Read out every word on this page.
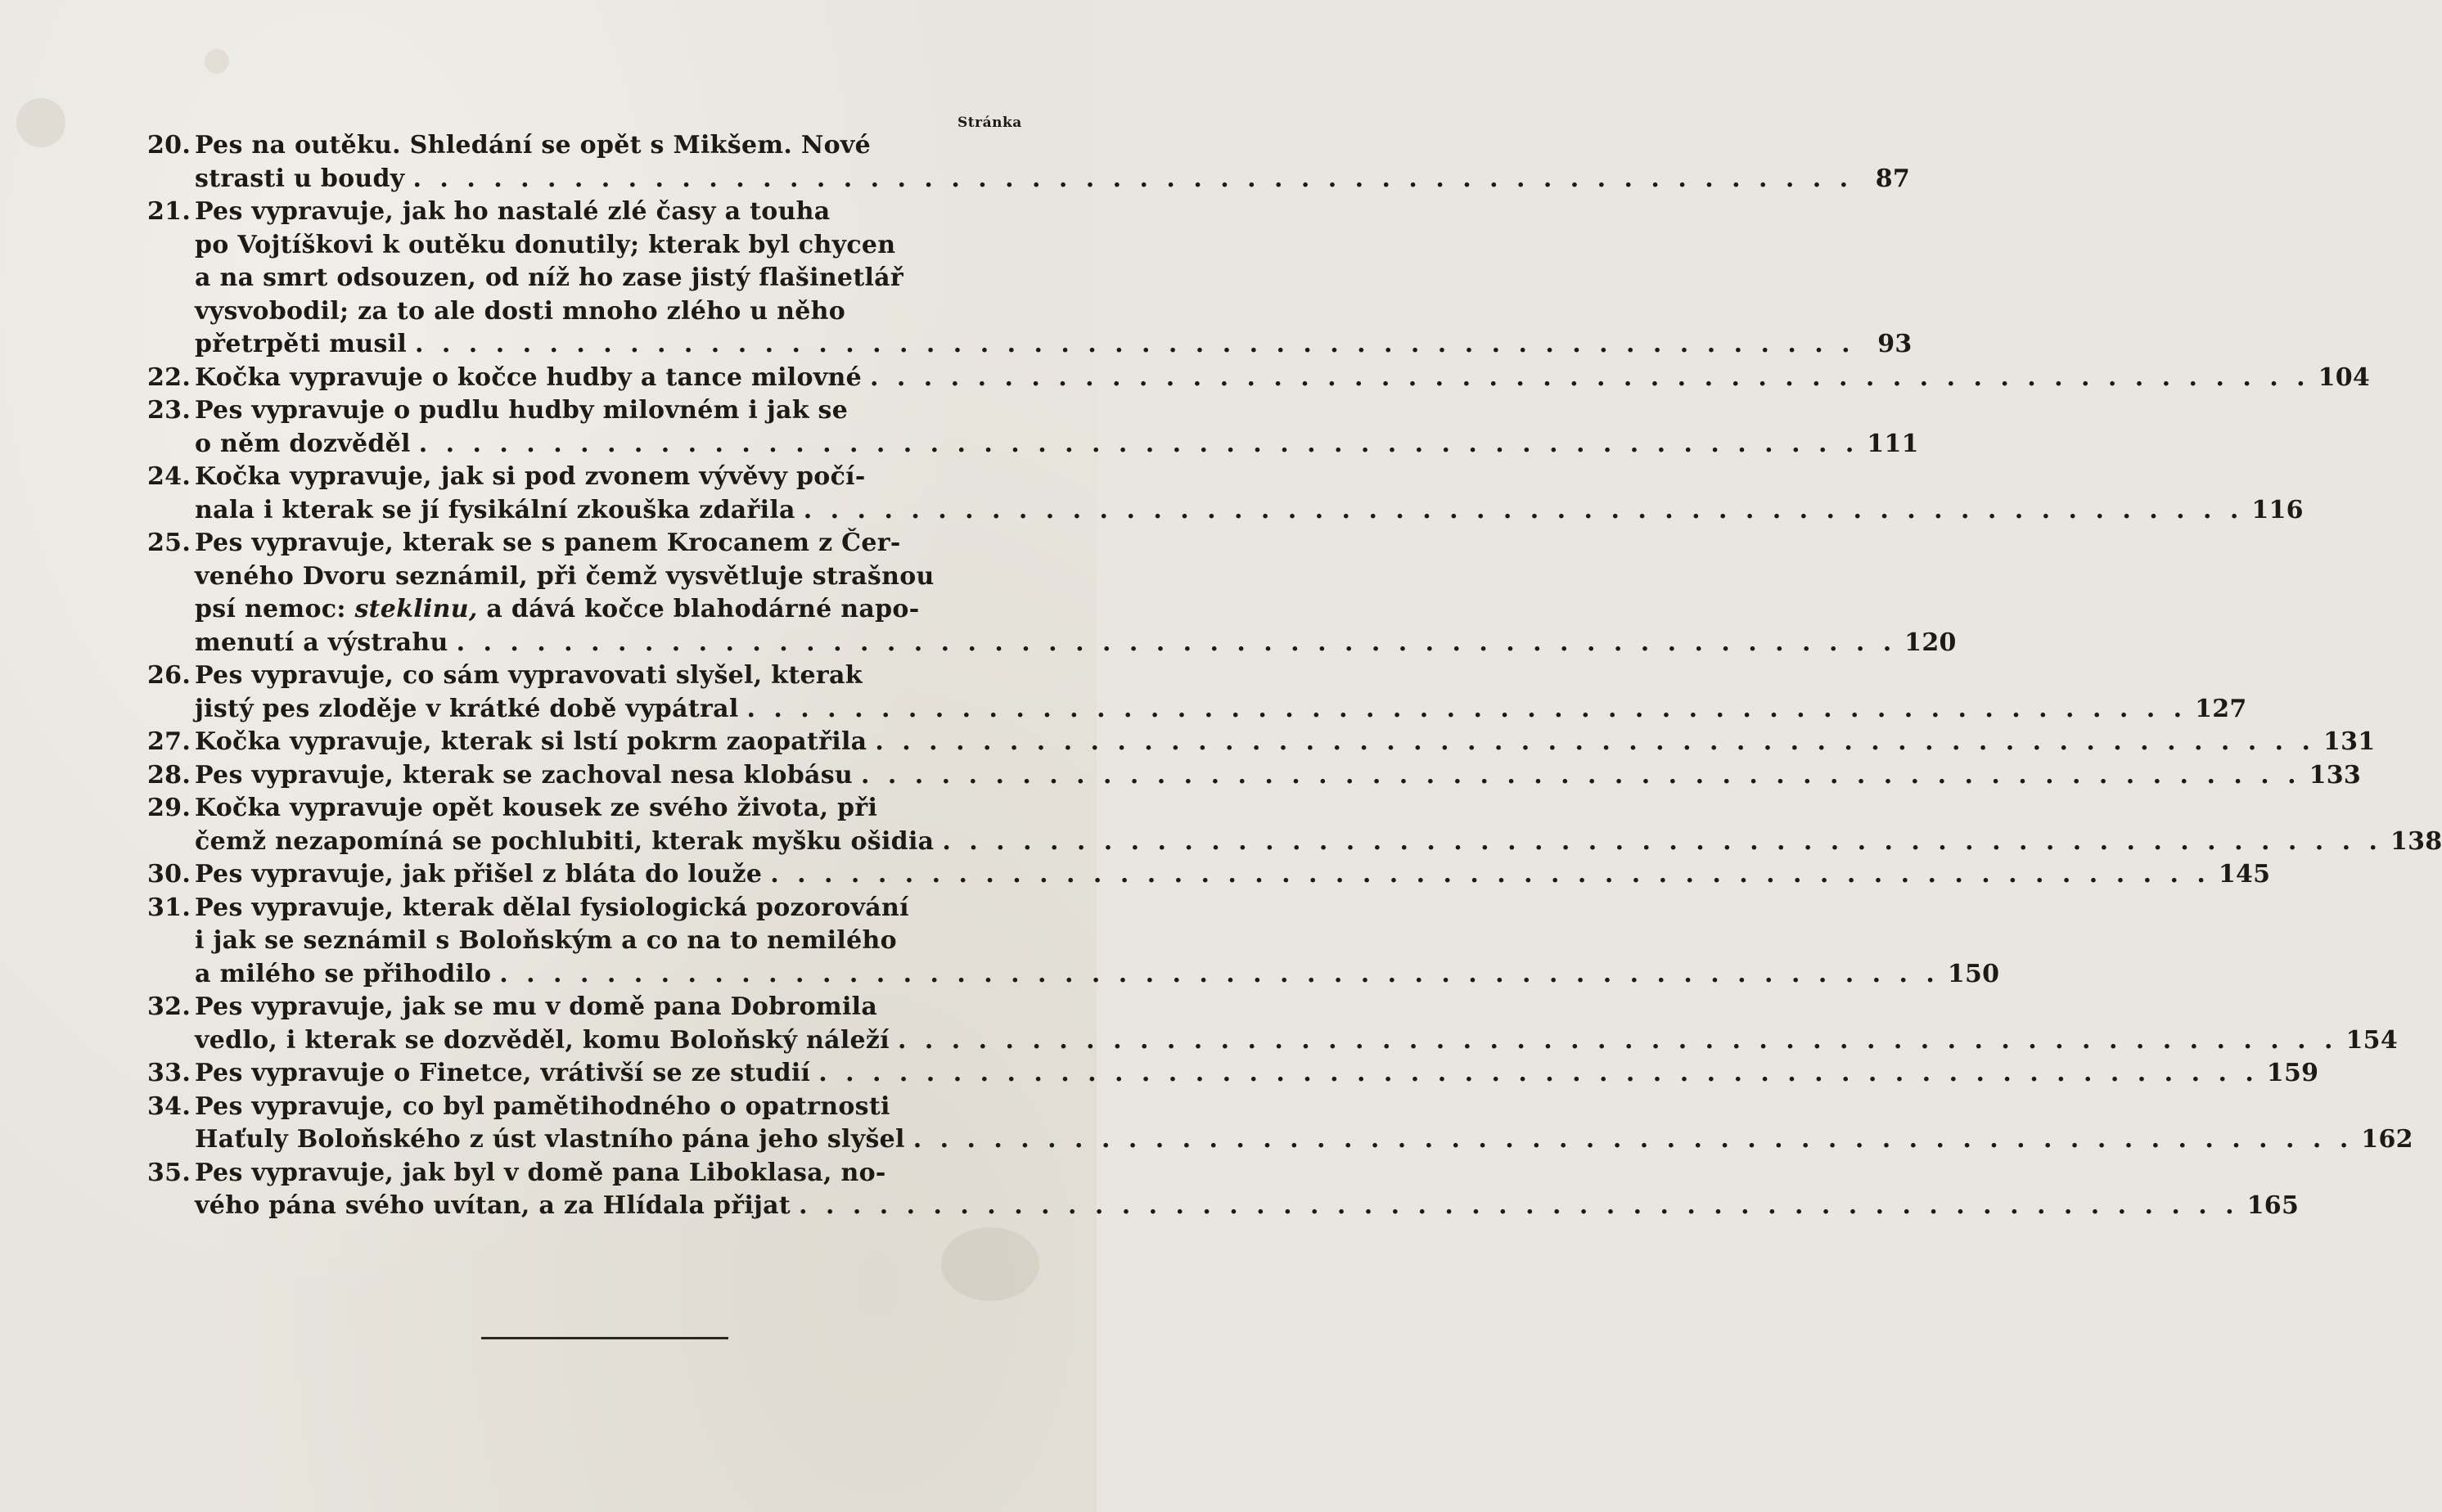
Stránka
20. Pes na outěku. Shledání se opět s Mikšem. Nové
strasti u boudy . . .	87
21. Pes vypravuje, jak ho nastalé zlé časy a touha
po Vojtíškovi k outěku donutily; kterak byl chycen
a na smrt odsouzen, od níž ho zase jistý flašinetlář
vysvobodil; za to ale dosti mnoho zlého u něho
přetrpěti musil . . .	93
22. Kočka vypravuje o kočce hudby a tance milovné . . .	104
23. Pes vypravuje o pudlu hudby milovném i jak se
o něm dozvěděl . . .	111
24. Kočka vypravuje, jak si pod zvonem vývěvy počí-
nala i kterak se jí fysikální zkouška zdařila . . .	116
25. Pes vypravuje, kterak se s panem Krocanem z Čer-
veného Dvoru seznámil, při čemž vysvětluje strašnou
psí nemoc: steklinu, a dává kočce blahodárné napo-
menutí a výstrahu . . .	120
26. Pes vypravuje, co sám vypravovati slyšel, kterak
jistý pes zloděje v krátké době vypátral . . .	127
27. Kočka vypravuje, kterak si lstí pokrm zaopatřila . . .	131
28. Pes vypravuje, kterak se zachoval nesa klobásu . . .	133
29. Kočka vypravuje opět kousek ze svého života, při
čemž nezapomíná se pochlubiti, kterak myšku ošidia . . .	138
30. Pes vypravuje, jak přišel z bláta do louže . . .	145
31. Pes vypravuje, kterak dělal fysiologická pozorování
i jak se seznámil s Boloňským a co na to nemilého
a milého se přihodilo . . .	150
32. Pes vypravuje, jak se mu v domě pana Dobromila
vedlo, i kterak se dozvěděl, komu Boloňský náleží . . .	154
33. Pes vypravuje o Finetce, vrátivší se ze studií . . .	159
34. Pes vypravuje, co byl pamětihodného o opatrnosti
Haťuly Boloňského z úst vlastního pána jeho slyšel . . .	162
35. Pes vypravuje, jak byl v domě pana Liboklasa, no-
vého pána svého uvítan, a za Hlídala přijat . . .	165
